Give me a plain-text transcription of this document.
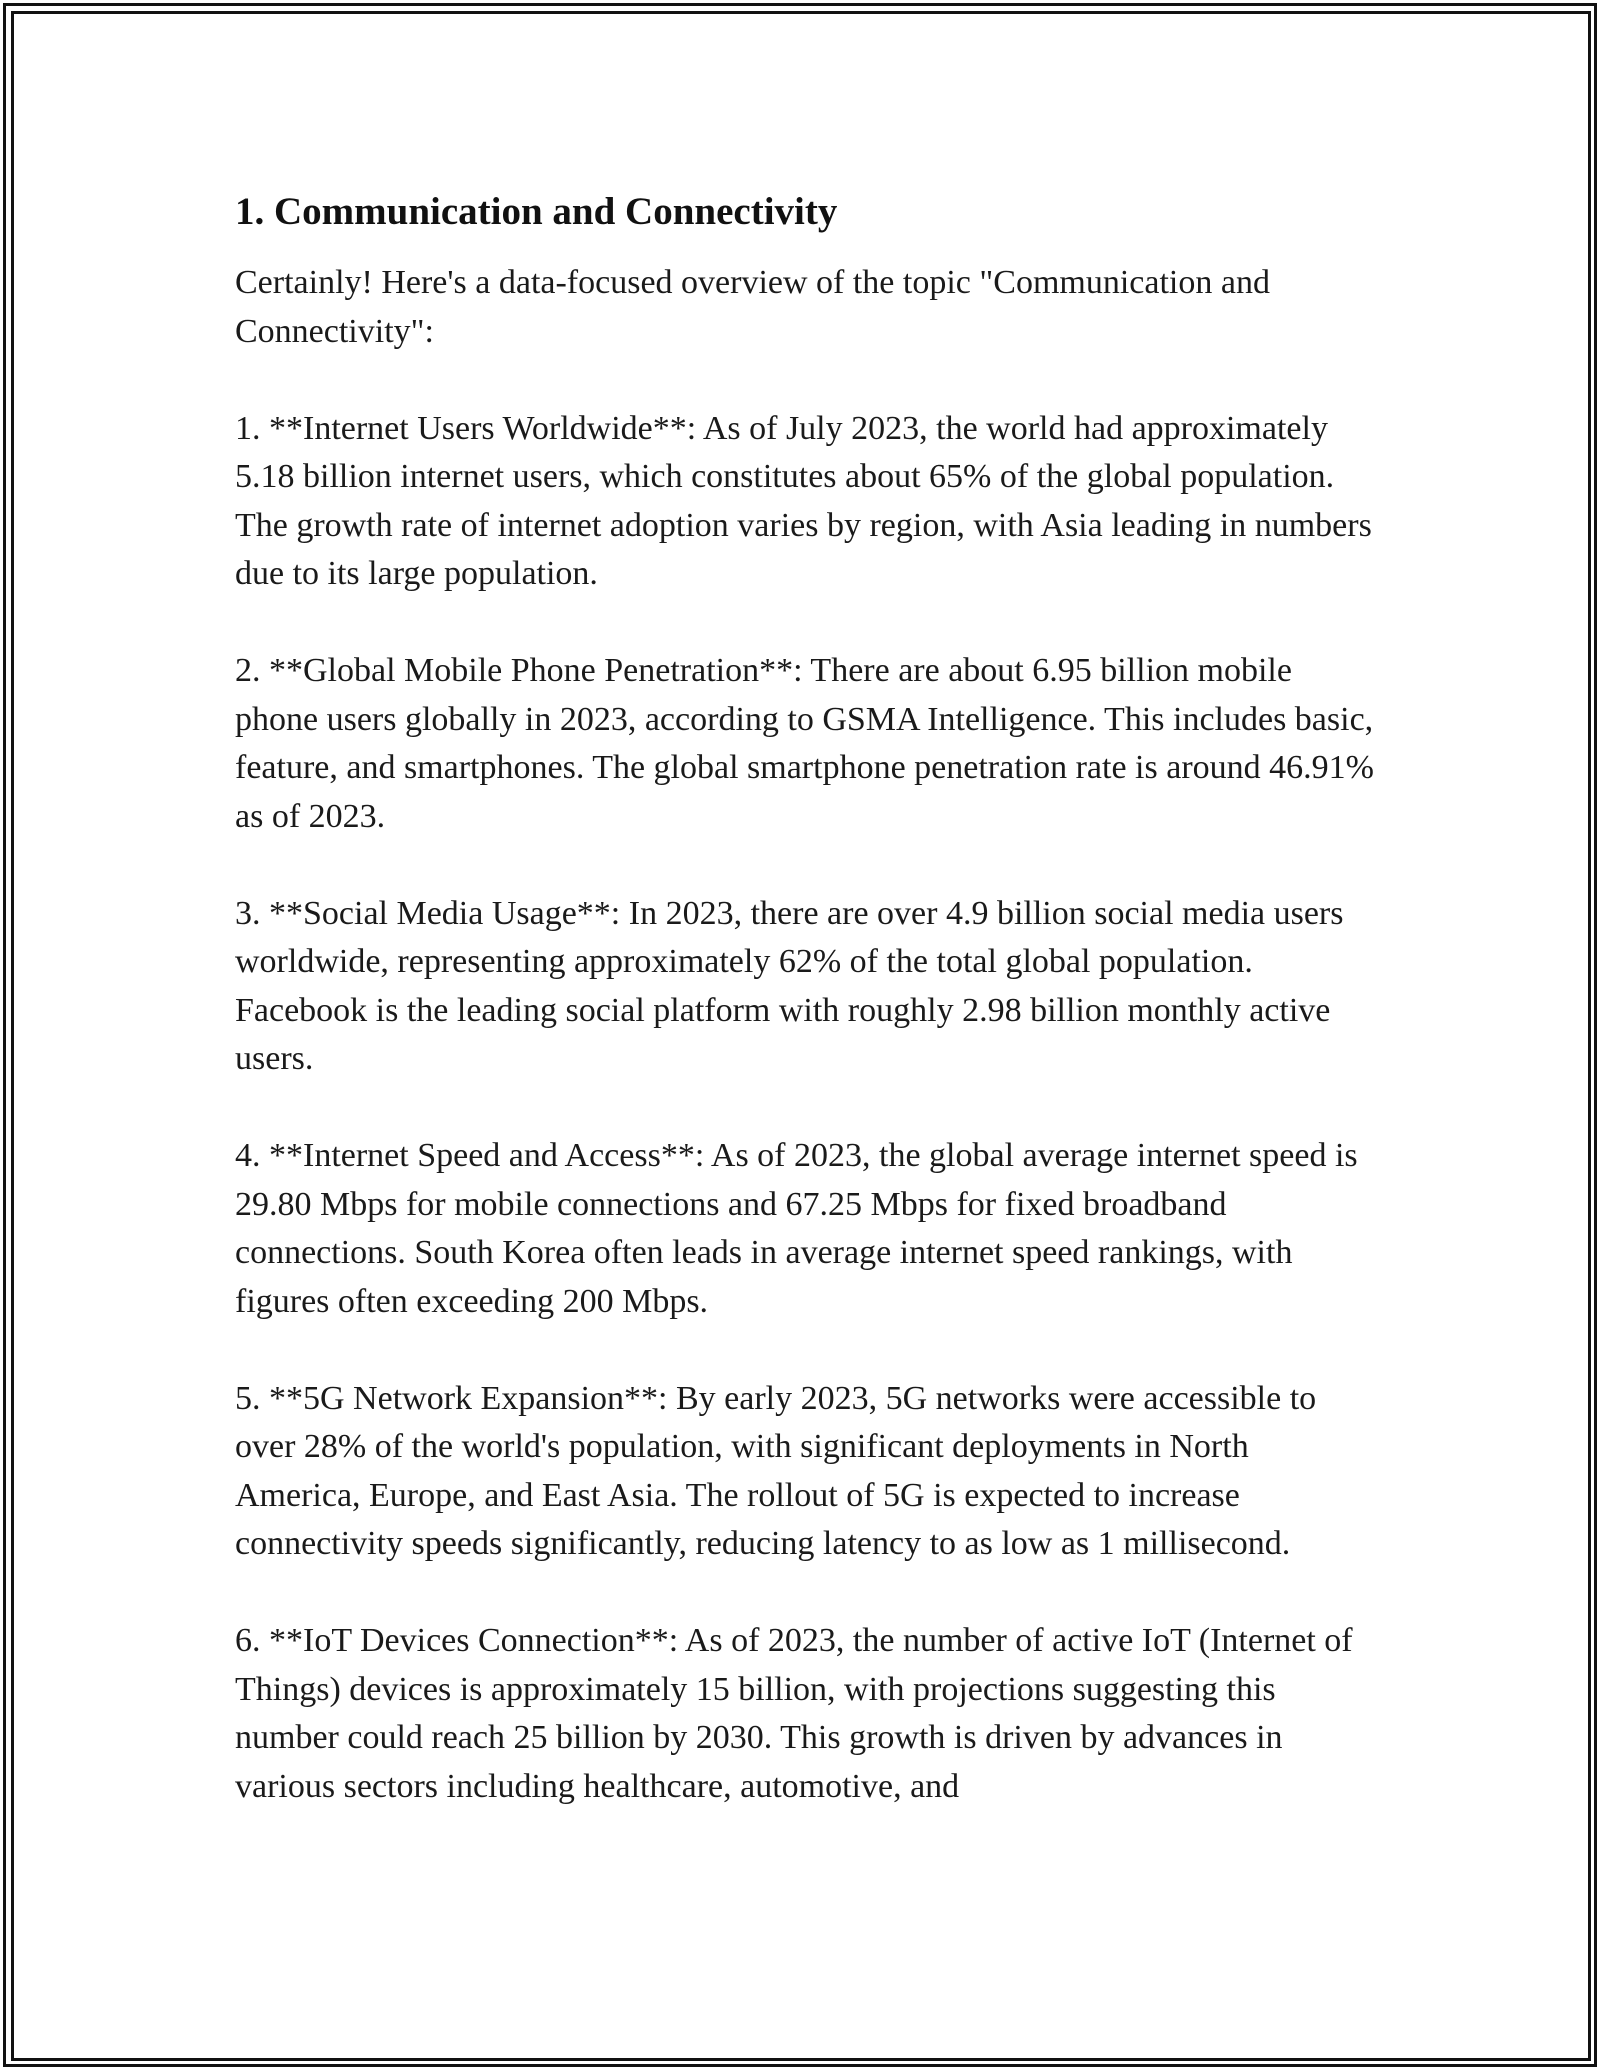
1. Communication and Connectivity

Certainly! Here's a data-focused overview of the topic "Communication and Connectivity":

1. **Internet Users Worldwide**: As of July 2023, the world had approximately 5.18 billion internet users, which constitutes about 65% of the global population. The growth rate of internet adoption varies by region, with Asia leading in numbers due to its large population.

2. **Global Mobile Phone Penetration**: There are about 6.95 billion mobile phone users globally in 2023, according to GSMA Intelligence. This includes basic, feature, and smartphones. The global smartphone penetration rate is around 46.91% as of 2023.

3. **Social Media Usage**: In 2023, there are over 4.9 billion social media users worldwide, representing approximately 62% of the total global population. Facebook is the leading social platform with roughly 2.98 billion monthly active users.

4. **Internet Speed and Access**: As of 2023, the global average internet speed is 29.80 Mbps for mobile connections and 67.25 Mbps for fixed broadband connections. South Korea often leads in average internet speed rankings, with figures often exceeding 200 Mbps.

5. **5G Network Expansion**: By early 2023, 5G networks were accessible to over 28% of the world's population, with significant deployments in North America, Europe, and East Asia. The rollout of 5G is expected to increase connectivity speeds significantly, reducing latency to as low as 1 millisecond.

6. **IoT Devices Connection**: As of 2023, the number of active IoT (Internet of Things) devices is approximately 15 billion, with projections suggesting this number could reach 25 billion by 2030. This growth is driven by advances in various sectors including healthcare, automotive, and
